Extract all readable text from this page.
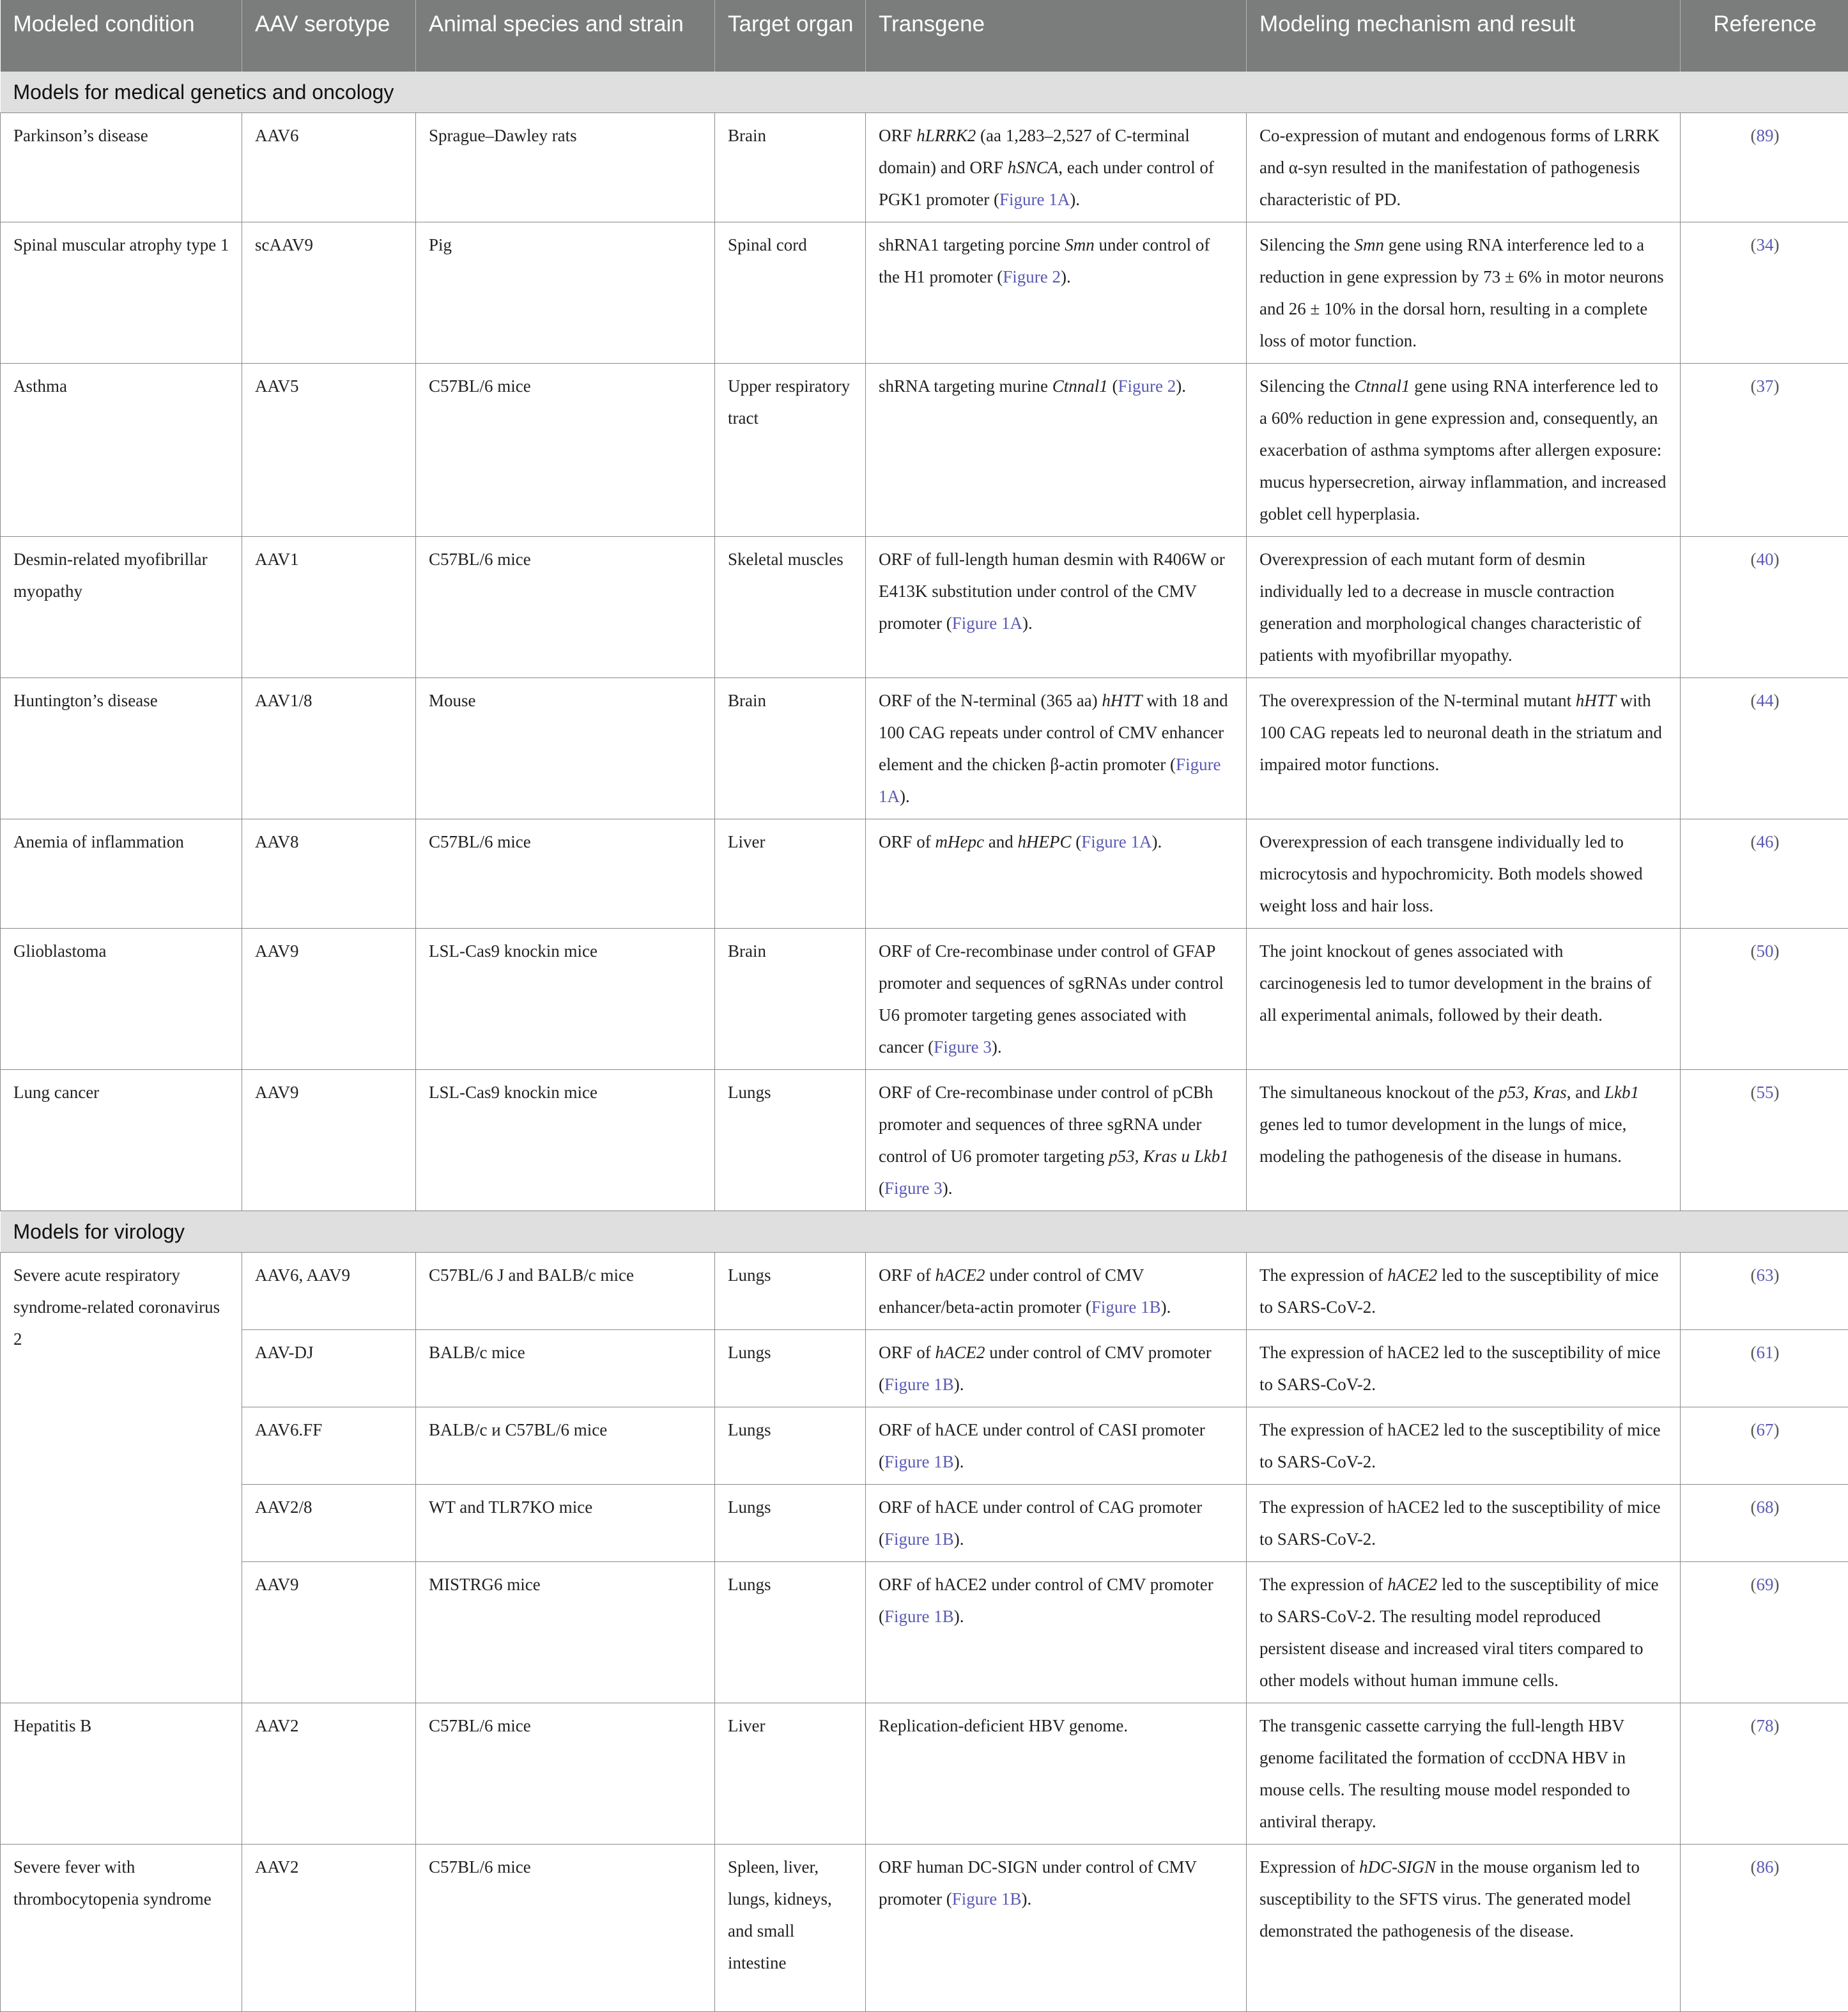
Modeled condition	AAV serotype	Animal species and strain	Target organ	Transgene	Modeling mechanism and result	Reference
Models for medical genetics and oncology						
Parkinson’s disease	AAV6	Sprague–Dawley rats	Brain	ORF hLRRK2 (aa 1,283–2,527 of C-terminal domain) and ORF hSNCA, each under control of PGK1 promoter (Figure 1A).	Co-expression of mutant and endogenous forms of LRRK and α-syn resulted in the manifestation of pathogenesis characteristic of PD.	(89)
Spinal muscular atrophy type 1	scAAV9	Pig	Spinal cord	shRNA1 targeting porcine Smn under control of the H1 promoter (Figure 2).	Silencing the Smn gene using RNA interference led to a reduction in gene expression by 73 ± 6% in motor neurons and 26 ± 10% in the dorsal horn, resulting in a complete loss of motor function.	(34)
Asthma	AAV5	C57BL/6 mice	Upper respiratory tract	shRNA targeting murine Ctnnal1 (Figure 2).	Silencing the Ctnnal1 gene using RNA interference led to a 60% reduction in gene expression and, consequently, an exacerbation of asthma symptoms after allergen exposure: mucus hypersecretion, airway inflammation, and increased goblet cell hyperplasia.	(37)
Desmin-related myofibrillar myopathy	AAV1	C57BL/6 mice	Skeletal muscles	ORF of full-length human desmin with R406W or E413K substitution under control of the CMV promoter (Figure 1A).	Overexpression of each mutant form of desmin individually led to a decrease in muscle contraction generation and morphological changes characteristic of patients with myofibrillar myopathy.	(40)
Huntington’s disease	AAV1/8	Mouse	Brain	ORF of the N-terminal (365 aa) hHTT with 18 and 100 CAG repeats under control of CMV enhancer element and the chicken β-actin promoter (Figure 1A).	The overexpression of the N-terminal mutant hHTT with 100 CAG repeats led to neuronal death in the striatum and impaired motor functions.	(44)
Anemia of inflammation	AAV8	C57BL/6 mice	Liver	ORF of mHepc and hHEPC (Figure 1A).	Overexpression of each transgene individually led to microcytosis and hypochromicity. Both models showed weight loss and hair loss.	(46)
Glioblastoma	AAV9	LSL-Cas9 knockin mice	Brain	ORF of Cre-recombinase under control of GFAP promoter and sequences of sgRNAs under control U6 promoter targeting genes associated with cancer (Figure 3).	The joint knockout of genes associated with carcinogenesis led to tumor development in the brains of all experimental animals, followed by their death.	(50)
Lung cancer	AAV9	LSL-Cas9 knockin mice	Lungs	ORF of Cre-recombinase under control of pCBh promoter and sequences of three sgRNA under control of U6 promoter targeting p53, Kras u Lkb1 (Figure 3).	The simultaneous knockout of the p53, Kras, and Lkb1 genes led to tumor development in the lungs of mice, modeling the pathogenesis of the disease in humans.	(55)
Models for virology						
Severe acute respiratory syndrome-related coronavirus 2	AAV6, AAV9	C57BL/6 J and BALB/c mice	Lungs	ORF of hACE2 under control of CMV enhancer/beta-actin promoter (Figure 1B).	The expression of hACE2 led to the susceptibility of mice to SARS-CoV-2.	(63)
	AAV-DJ	BALB/c mice	Lungs	ORF of hACE2 under control of CMV promoter (Figure 1B).	The expression of hACE2 led to the susceptibility of mice to SARS-CoV-2.	(61)
	AAV6.FF	BALB/c и C57BL/6 mice	Lungs	ORF of hACE under control of CASI promoter (Figure 1B).	The expression of hACE2 led to the susceptibility of mice to SARS-CoV-2.	(67)
	AAV2/8	WT and TLR7KO mice	Lungs	ORF of hACE under control of CAG promoter (Figure 1B).	The expression of hACE2 led to the susceptibility of mice to SARS-CoV-2.	(68)
	AAV9	MISTRG6 mice	Lungs	ORF of hACE2 under control of CMV promoter (Figure 1B).	The expression of hACE2 led to the susceptibility of mice to SARS-CoV-2. The resulting model reproduced persistent disease and increased viral titers compared to other models without human immune cells.	(69)
Hepatitis B	AAV2	C57BL/6 mice	Liver	Replication-deficient HBV genome.	The transgenic cassette carrying the full-length HBV genome facilitated the formation of cccDNA HBV in mouse cells. The resulting mouse model responded to antiviral therapy.	(78)
Severe fever with thrombocytopenia syndrome	AAV2	C57BL/6 mice	Spleen, liver, lungs, kidneys, and small intestine	ORF human DC-SIGN under control of CMV promoter (Figure 1B).	Expression of hDC-SIGN in the mouse organism led to susceptibility to the SFTS virus. The generated model demonstrated the pathogenesis of the disease.	(86)
